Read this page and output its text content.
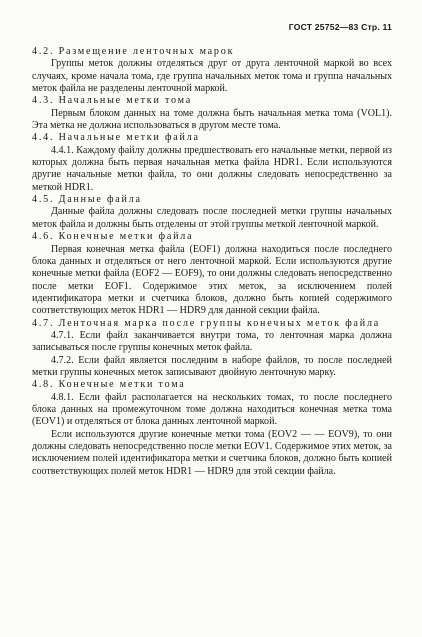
ГОСТ 25752—83 Стр. 11

4.2. Размещение ленточных марок

Группы меток должны отделяться друг от друга ленточной маркой во всех случаях, кроме начала тома, где группа начальных меток тома и группа начальных меток файла не разделены ленточной маркой.

4.3. Начальные метки тома

Первым блоком данных на томе должна быть начальная метка тома (VOL1). Эта метка не должна использоваться в другом месте тома.

4.4. Начальные метки файла

4.4.1. Каждому файлу должны предшествовать его начальные метки, первой из которых должна быть первая начальная метка файла HDR1. Если используются другие начальные метки файла, то они должны следовать непосредственно за меткой HDR1.

4.5. Данные файла

Данные файла должны следовать после последней метки группы начальных меток файла и должны быть отделены от этой группы меткой ленточной маркой.

4.6. Конечные метки файла

Первая конечная метка файла (EOF1) должна находиться после последнего блока данных и отделяться от него ленточной маркой. Если используются другие конечные метки файла (EOF2 — EOF9), то они должны следовать непосредственно после метки EOF1. Содержимое этих меток, за исключением полей идентификатора метки и счетчика блоков, должно быть копией содержимого соответствующих меток HDR1 — HDR9 для данной секции файла.

4.7. Ленточная марка после группы конечных меток файла

4.7.1. Если файл заканчивается внутри тома, то ленточная марка должна записываться после группы конечных меток файла.

4.7.2. Если файл является последним в наборе файлов, то после последней метки группы конечных меток записывают двойную ленточную марку.

4.8. Конечные метки тома

4.8.1. Если файл располагается на нескольких томах, то после последнего блока данных на промежуточном томе должна находиться конечная метка тома (EOV1) и отделяться от блока данных ленточной маркой.

Если используются другие конечные метки тома (EOV2 — — EOV9), то они должны следовать непосредственно после метки EOV1. Содержимое этих меток, за исключением полей идентификатора метки и счетчика блоков, должно быть копией соответствующих полей меток HDR1 — HDR9 для этой секции файла.
